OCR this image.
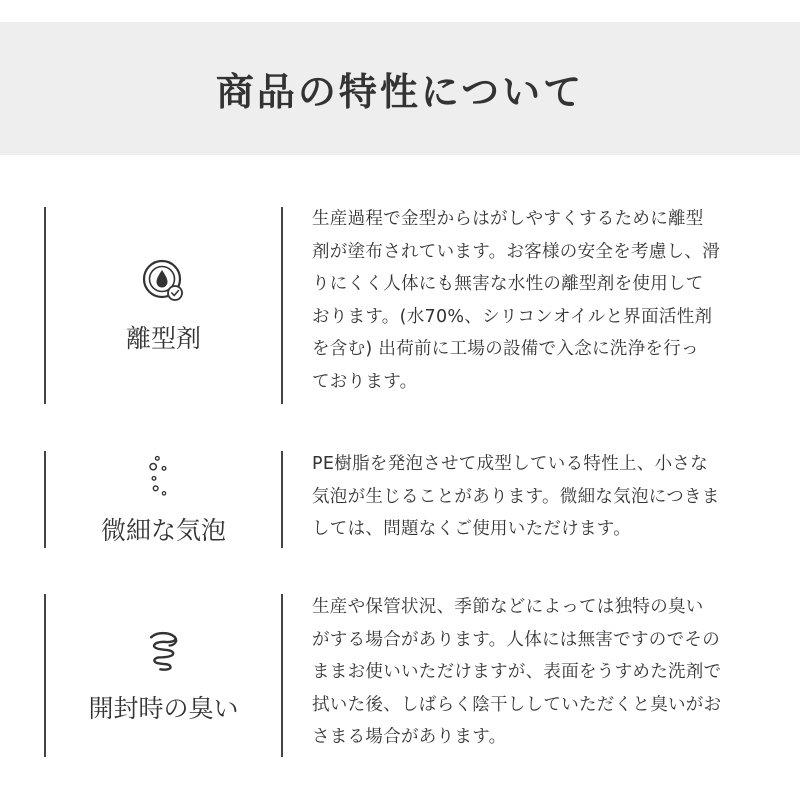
商品の特性について
離型剤

生産過程で金型からはがしやすくするために離型
剤が塗布されています。お客様の安全を考慮し、滑
りにくく人体にも無害な水性の離型剤を使用して
おります。(水70%、シリコンオイルと界面活性剤
を含む) 出荷前に工場の設備で入念に洗浄を行っ
ております。

微細な気泡

PE樹脂を発泡させて成型している特性上、小さな
気泡が生じることがあります。微細な気泡につきま
しては、問題なくご使用いただけます。

開封時の臭い

生産や保管状況、季節などによっては独特の臭い
がする場合があります。人体には無害ですのでその
ままお使いいただけますが、表面をうすめた洗剤で
拭いた後、しばらく陰干ししていただくと臭いがお
さまる場合があります。
